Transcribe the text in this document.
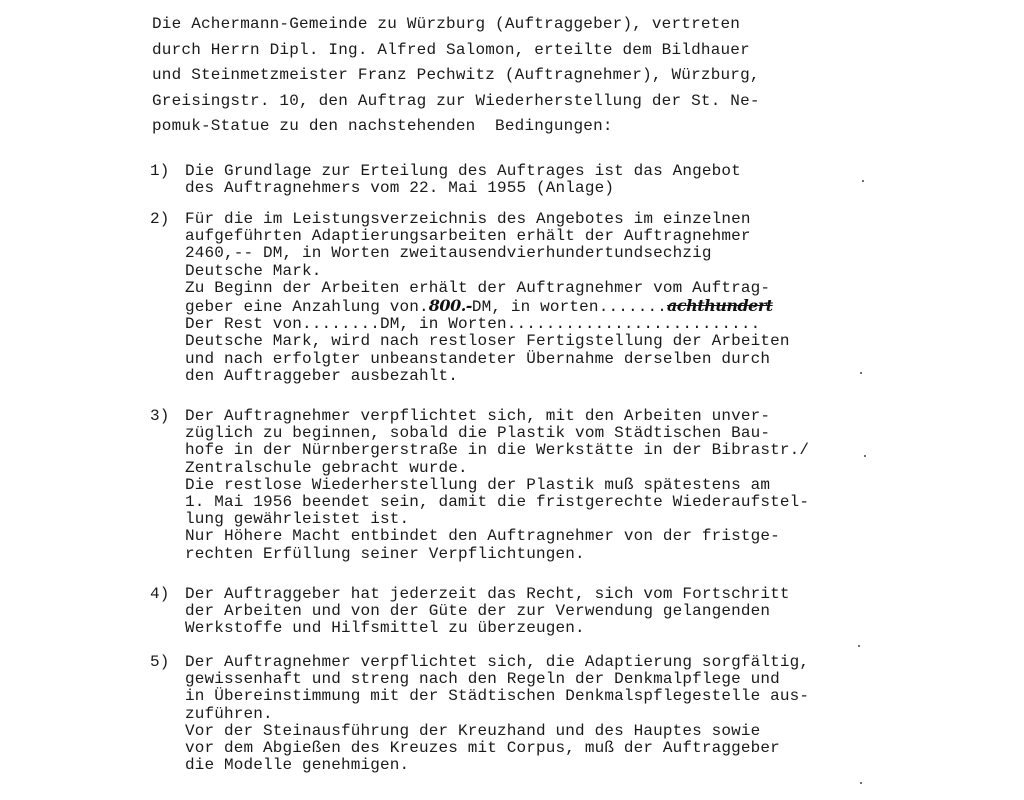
Die Achermann-Gemeinde zu Würzburg (Auftraggeber), vertreten
durch Herrn Dipl. Ing. Alfred Salomon, erteilte dem Bildhauer
und Steinmetzmeister Franz Pechwitz (Auftragnehmer), Würzburg,
Greisingstr. 10, den Auftrag zur Wiederherstellung der St. Ne-
pomuk-Statue zu den nachstehenden  Bedingungen:
1) Die Grundlage zur Erteilung des Auftrages ist das Angebot
des Auftragnehmers vom 22. Mai 1955 (Anlage)
2) Für die im Leistungsverzeichnis des Angebotes im einzelnen
aufgeführten Adaptierungsarbeiten erhält der Auftragnehmer
2460,-- DM, in Worten zweitausendvierhundertundsechzig
Deutsche Mark.
Zu Beginn der Arbeiten erhält der Auftragnehmer vom Auftrag-
geber eine Anzahlung von.800.-DM, in worten.......achthundert
Der Rest von........DM, in Worten..........................
Deutsche Mark, wird nach restloser Fertigstellung der Arbeiten
und nach erfolgter unbeanstandeter Übernahme derselben durch
den Auftraggeber ausbezahlt.
3) Der Auftragnehmer verpflichtet sich, mit den Arbeiten unver-
züglich zu beginnen, sobald die Plastik vom Städtischen Bau-
hofe in der Nürnbergerstraße in die Werkstätte in der Bibrastr./
Zentralschule gebracht wurde.
Die restlose Wiederherstellung der Plastik muß spätestens am
1. Mai 1956 beendet sein, damit die fristgerechte Wiederaufstel-
lung gewährleistet ist.
Nur Höhere Macht entbindet den Auftragnehmer von der fristge-
rechten Erfüllung seiner Verpflichtungen.
4) Der Auftraggeber hat jederzeit das Recht, sich vom Fortschritt
der Arbeiten und von der Güte der zur Verwendung gelangenden
Werkstoffe und Hilfsmittel zu überzeugen.
5) Der Auftragnehmer verpflichtet sich, die Adaptierung sorgfältig,
gewissenhaft und streng nach den Regeln der Denkmalpflege und
in Übereinstimmung mit der Städtischen Denkmalspflegestelle aus-
zuführen.
Vor der Steinausführung der Kreuzhand und des Hauptes sowie
vor dem Abgießen des Kreuzes mit Corpus, muß der Auftraggeber
die Modelle genehmigen.
